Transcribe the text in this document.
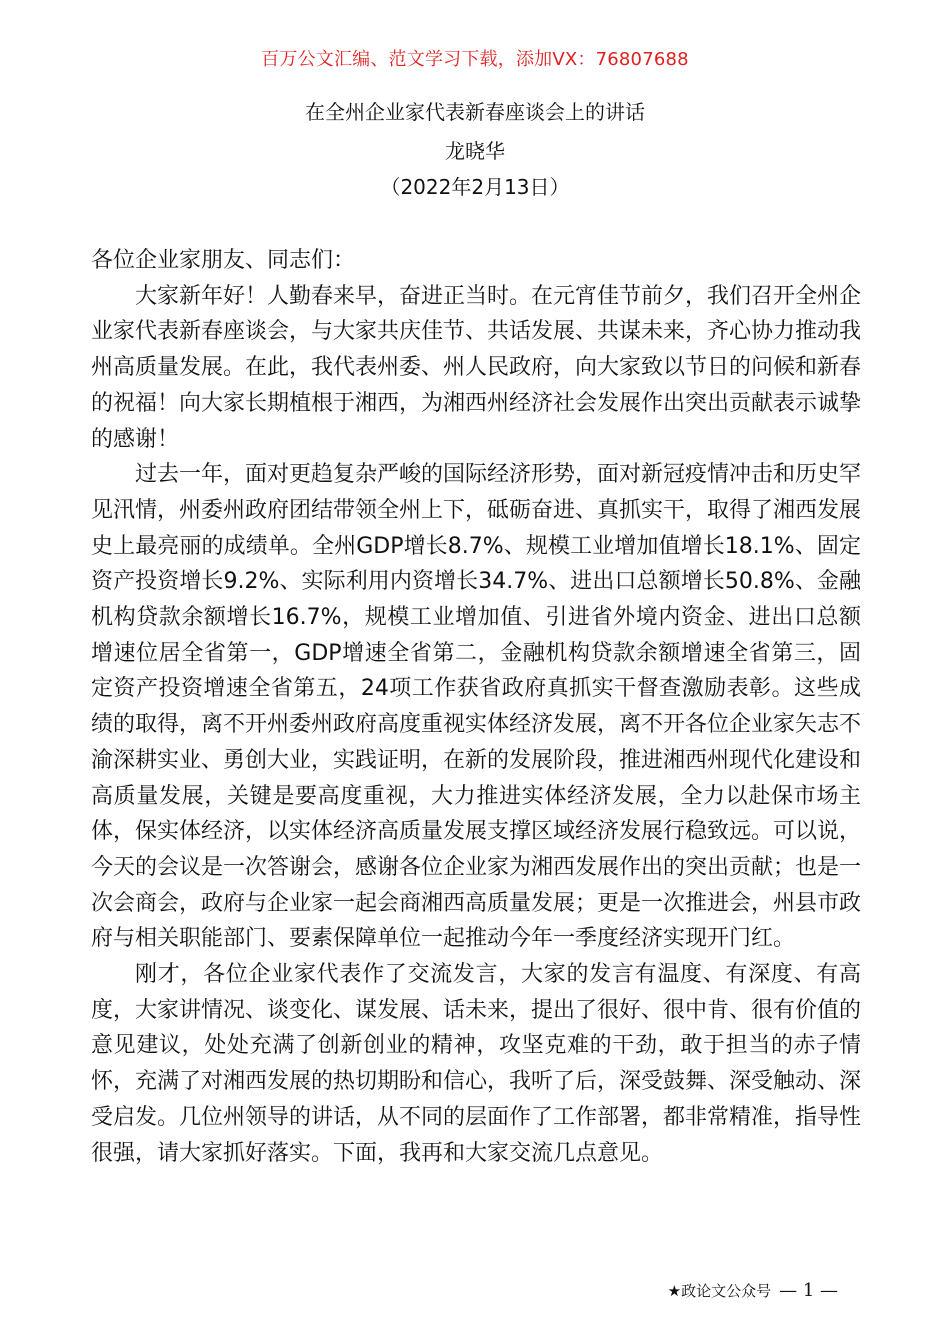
百万公文汇编、范文学习下载，添加VX：76807688
在全州企业家代表新春座谈会上的讲话
龙晓华
（2022年2月13日）

各位企业家朋友、同志们：

大家新年好！人勤春来早，奋进正当时。在元宵佳节前夕，我们召开全州企业家代表新春座谈会，与大家共庆佳节、共话发展、共谋未来，齐心协力推动我州高质量发展。在此，我代表州委、州人民政府，向大家致以节日的问候和新春的祝福！向大家长期植根于湘西，为湘西州经济社会发展作出突出贡献表示诚挚的感谢！

过去一年，面对更趋复杂严峻的国际经济形势，面对新冠疫情冲击和历史罕见汛情，州委州政府团结带领全州上下，砥砺奋进、真抓实干，取得了湘西发展史上最亮丽的成绩单。全州GDP增长8.7%、规模工业增加值增长18.1%、固定资产投资增长9.2%、实际利用内资增长34.7%、进出口总额增长50.8%、金融机构贷款余额增长16.7%，规模工业增加值、引进省外境内资金、进出口总额增速位居全省第一，GDP增速全省第二，金融机构贷款余额增速全省第三，固定资产投资增速全省第五，24项工作获省政府真抓实干督查激励表彰。这些成绩的取得，离不开州委州政府高度重视实体经济发展，离不开各位企业家矢志不渝深耕实业、勇创大业，实践证明，在新的发展阶段，推进湘西州现代化建设和高质量发展，关键是要高度重视，大力推进实体经济发展，全力以赴保市场主体，保实体经济，以实体经济高质量发展支撑区域经济发展行稳致远。可以说，今天的会议是一次答谢会，感谢各位企业家为湘西发展作出的突出贡献；也是一次会商会，政府与企业家一起会商湘西高质量发展；更是一次推进会，州县市政府与相关职能部门、要素保障单位一起推动今年一季度经济实现开门红。

刚才，各位企业家代表作了交流发言，大家的发言有温度、有深度、有高度，大家讲情况、谈变化、谋发展、话未来，提出了很好、很中肯、很有价值的意见建议，处处充满了创新创业的精神，攻坚克难的干劲，敢于担当的赤子情怀，充满了对湘西发展的热切期盼和信心，我听了后，深受鼓舞、深受触动、深受启发。几位州领导的讲话，从不同的层面作了工作部署，都非常精准，指导性很强，请大家抓好落实。下面，我再和大家交流几点意见。

★政论文公众号 — 1 —
